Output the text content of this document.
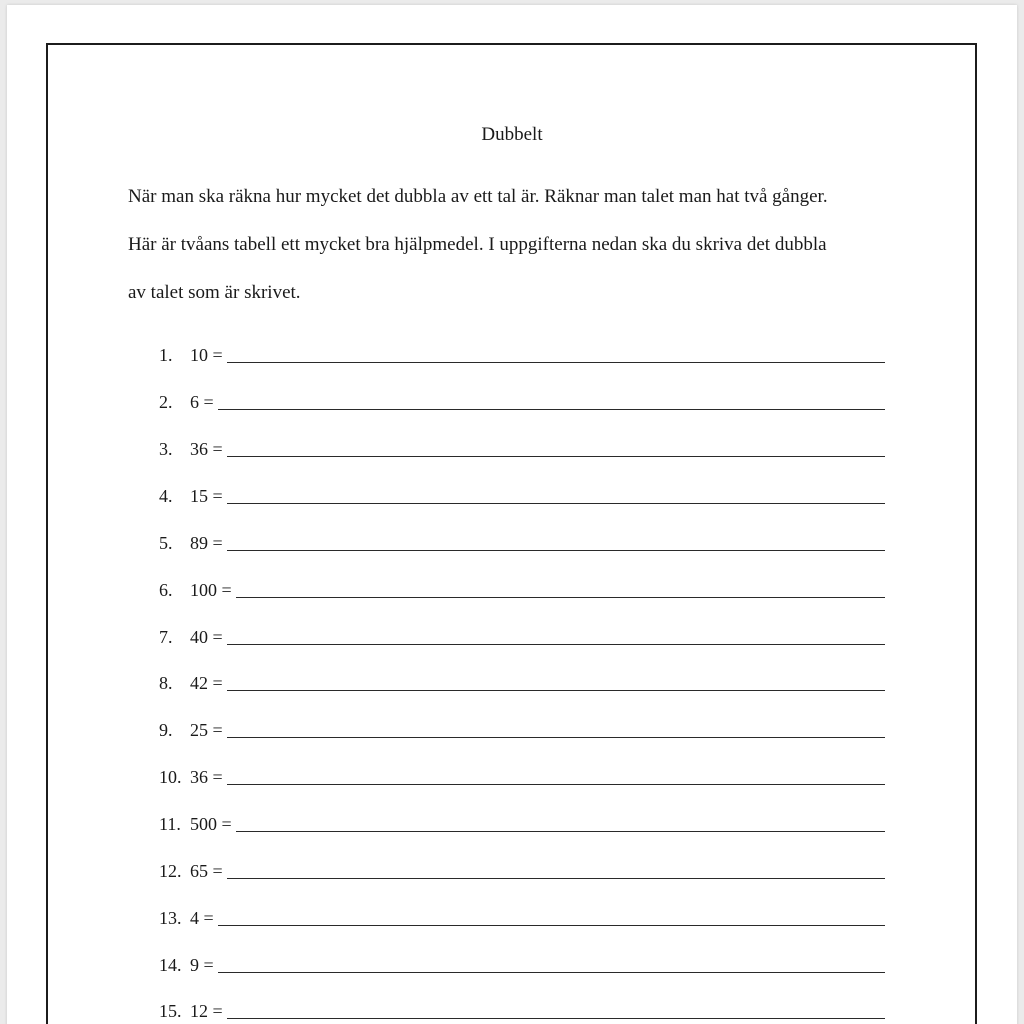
Dubbelt

När man ska räkna hur mycket det dubbla av ett tal är. Räknar man talet man hat två gånger.

Här är tvåans tabell ett mycket bra hjälpmedel. I uppgifterna nedan ska du skriva det dubbla

av talet som är skrivet.

1. 10 =
2. 6 =
3. 36 =
4. 15 =
5. 89 =
6. 100 =
7. 40 =
8. 42 =
9. 25 =
10. 36 =
11. 500 =
12. 65 =
13. 4 =
14. 9 =
15. 12 =
